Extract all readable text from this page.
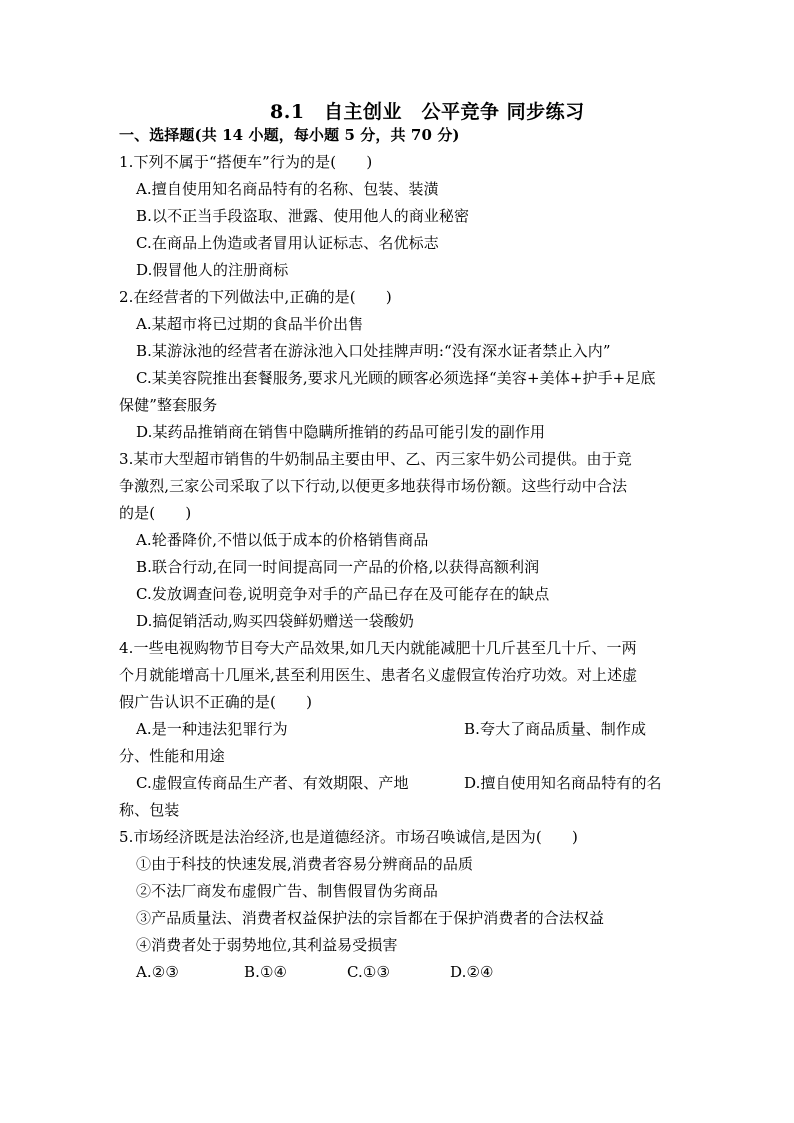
8.1　自主创业　公平竞争 同步练习
一、选择题(共 14 小题，每小题 5 分，共 70 分)
1.下列不属于“搭便车”行为的是(　　)
A.擅自使用知名商品特有的名称、包装、装潢
B.以不正当手段盗取、泄露、使用他人的商业秘密
C.在商品上伪造或者冒用认证标志、名优标志
D.假冒他人的注册商标
2.在经营者的下列做法中,正确的是(　　)
A.某超市将已过期的食品半价出售
B.某游泳池的经营者在游泳池入口处挂牌声明:“没有深水证者禁止入内”
C.某美容院推出套餐服务,要求凡光顾的顾客必须选择“美容+美体+护手+足底
保健”整套服务
D.某药品推销商在销售中隐瞒所推销的药品可能引发的副作用
3.某市大型超市销售的牛奶制品主要由甲、乙、丙三家牛奶公司提供。由于竞
争激烈,三家公司采取了以下行动,以便更多地获得市场份额。这些行动中合法
的是(　　)
A.轮番降价,不惜以低于成本的价格销售商品
B.联合行动,在同一时间提高同一产品的价格,以获得高额利润
C.发放调查问卷,说明竞争对手的产品已存在及可能存在的缺点
D.搞促销活动,购买四袋鲜奶赠送一袋酸奶
4.一些电视购物节目夸大产品效果,如几天内就能减肥十几斤甚至几十斤、一两
个月就能增高十几厘米,甚至利用医生、患者名义虚假宣传治疗功效。对上述虚
假广告认识不正确的是(　　)
A.是一种违法犯罪行为	B.夸大了商品质量、制作成
分、性能和用途
C.虚假宣传商品生产者、有效期限、产地	D.擅自使用知名商品特有的名
称、包装
5.市场经济既是法治经济,也是道德经济。市场召唤诚信,是因为(　　)
①由于科技的快速发展,消费者容易分辨商品的品质
②不法厂商发布虚假广告、制售假冒伪劣商品
③产品质量法、消费者权益保护法的宗旨都在于保护消费者的合法权益
④消费者处于弱势地位,其利益易受损害
A.②③	B.①④	C.①③	D.②④
